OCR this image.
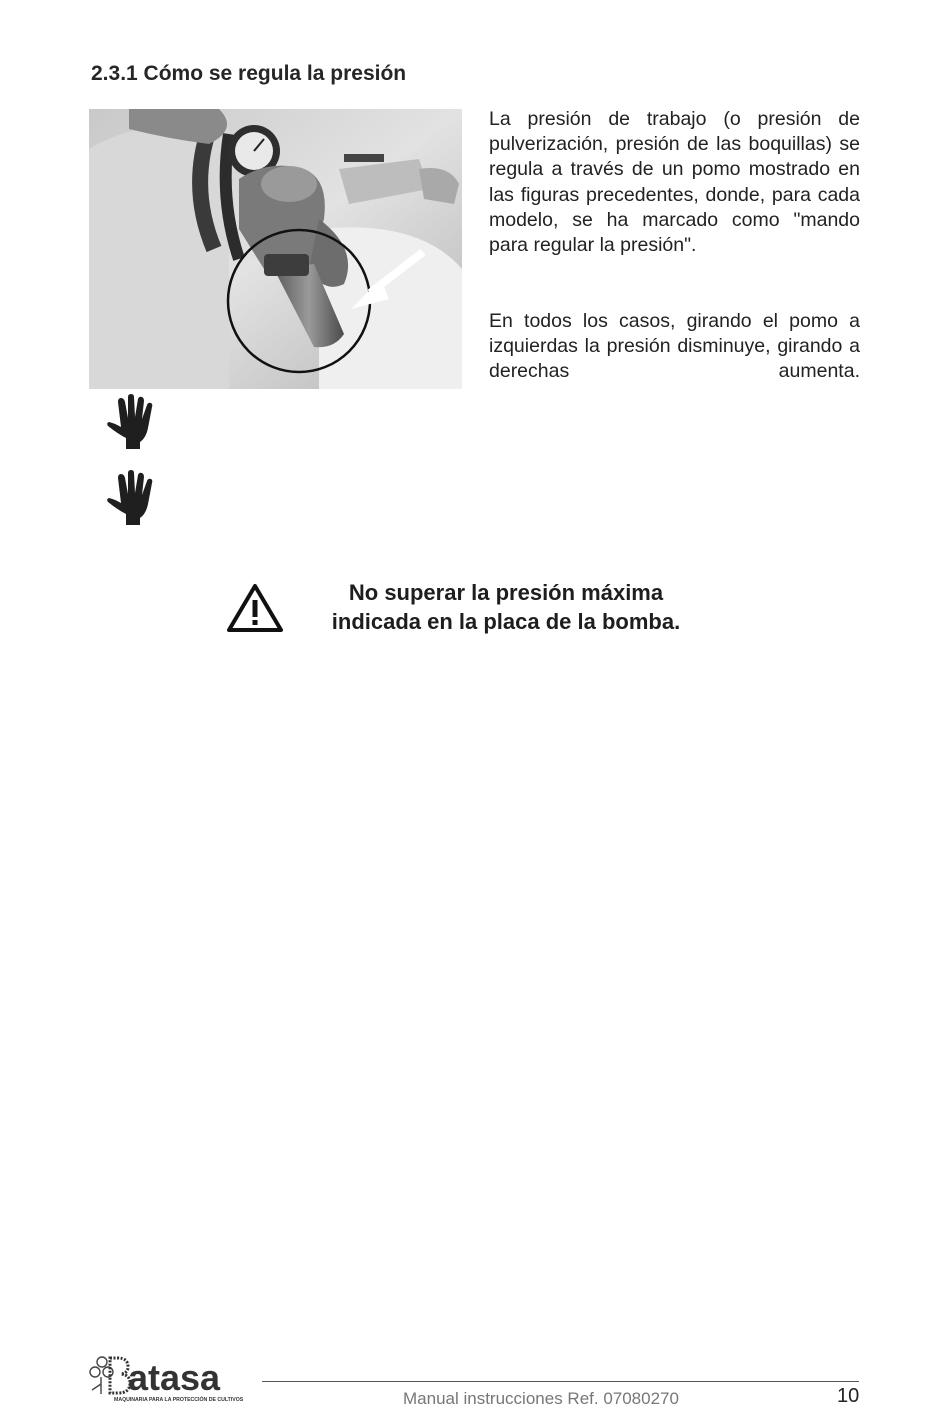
2.3.1 Cómo se regula la presión

La presión de trabajo (o presión de pulverización, presión de las boquillas) se regula a través de un pomo mostrado en las figuras precedentes, donde, para cada modelo, se ha marcado como "mando para regular la presión".

En todos los casos, girando el pomo a izquierdas la presión disminuye, girando a derechas aumenta.

No superar la presión máxima
indicada en la placa de la bomba.
atasa
MAQUINARIA PARA LA PROTECCIÓN DE CULTIVOS	Manual instrucciones Ref. 07080270	10
